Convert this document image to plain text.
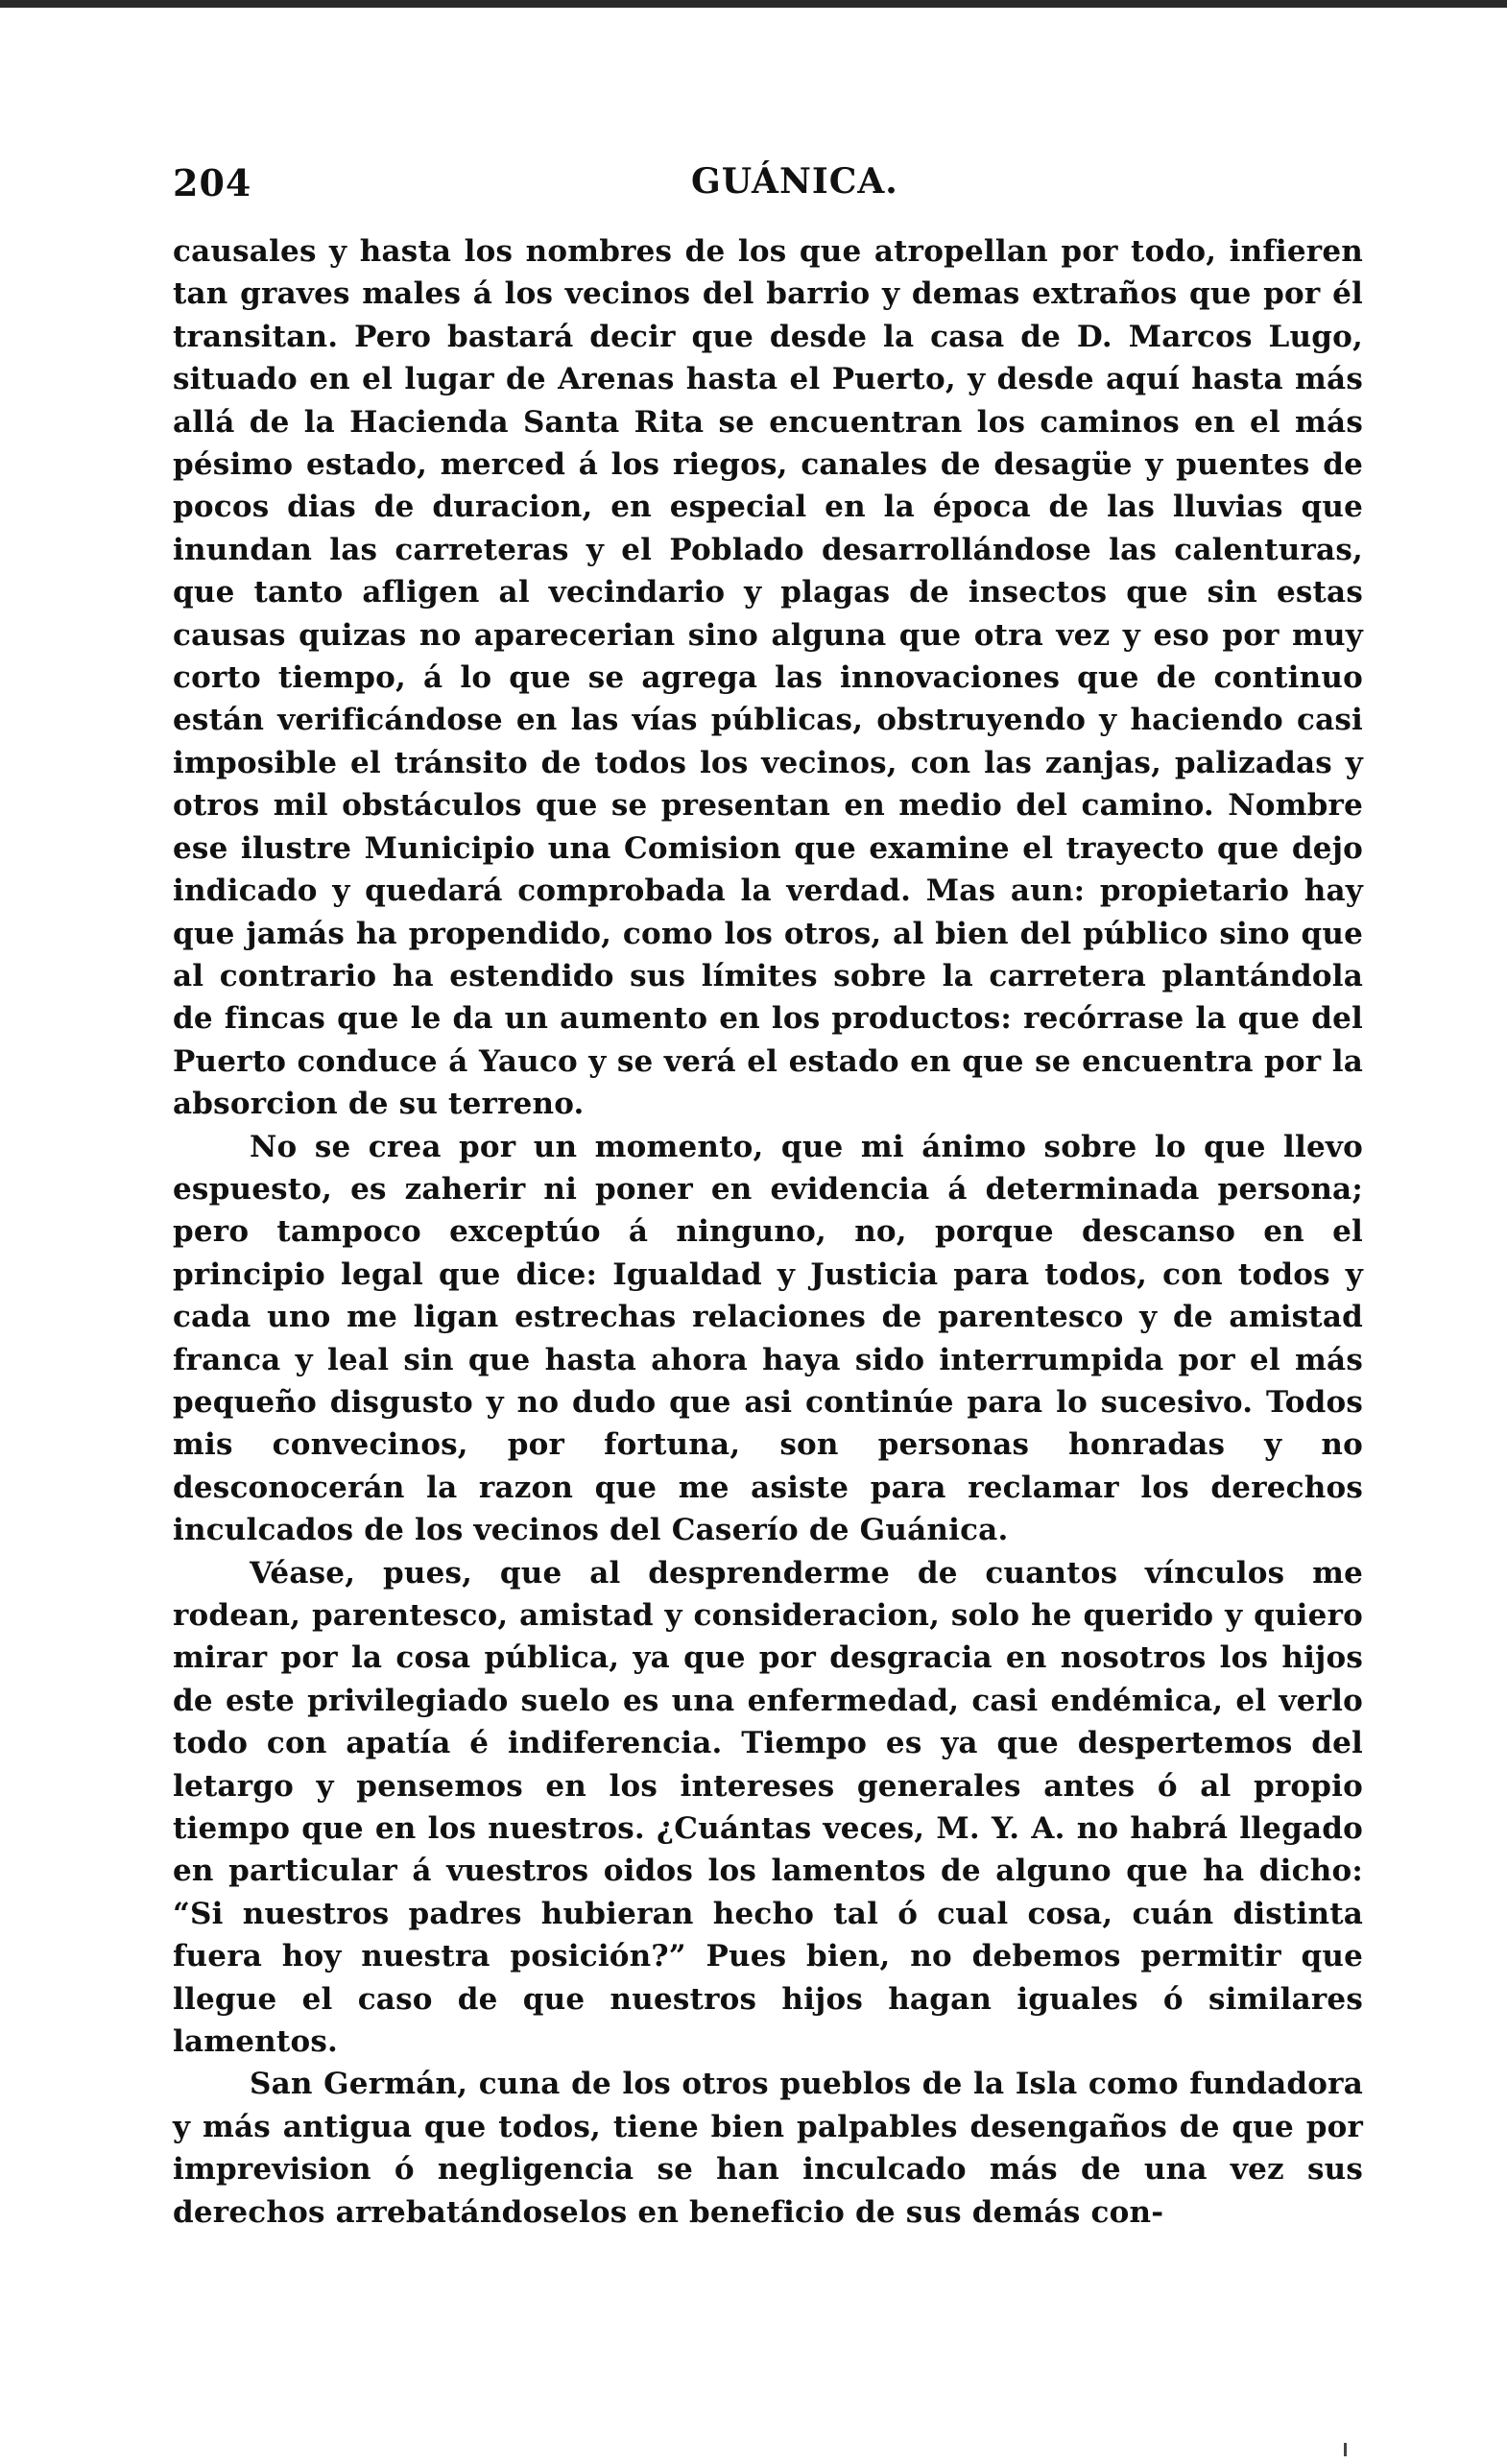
204	GUÁNICA.

causales y hasta los nombres de los que atropellan por todo, infieren tan graves males á los vecinos del barrio y demas extraños que por él transitan. Pero bastará decir que desde la casa de D. Marcos Lugo, situado en el lugar de Arenas hasta el Puerto, y desde aquí hasta más allá de la Hacienda Santa Rita se encuentran los caminos en el más pésimo estado, merced á los riegos, canales de desagüe y puentes de pocos dias de duracion, en especial en la época de las lluvias que inundan las carreteras y el Poblado desarrollándose las calenturas, que tanto afligen al vecindario y plagas de insectos que sin estas causas quizas no aparecerian sino alguna que otra vez y eso por muy corto tiempo, á lo que se agrega las innovaciones que de continuo están verificándose en las vías públicas, obstruyendo y haciendo casi imposible el tránsito de todos los vecinos, con las zanjas, palizadas y otros mil obstáculos que se presentan en medio del camino. Nombre ese ilustre Municipio una Comision que examine el trayecto que dejo indicado y quedará comprobada la verdad. Mas aun: propietario hay que jamás ha propendido, como los otros, al bien del público sino que al contrario ha estendido sus límites sobre la carretera plantándola de fincas que le da un aumento en los productos: recórrase la que del Puerto conduce á Yauco y se verá el estado en que se encuentra por la absorcion de su terreno.

No se crea por un momento, que mi ánimo sobre lo que llevo espuesto, es zaherir ni poner en evidencia á determinada persona; pero tampoco exceptúo á ninguno, no, porque descanso en el principio legal que dice: Igualdad y Justicia para todos, con todos y cada uno me ligan estrechas relaciones de parentesco y de amistad franca y leal sin que hasta ahora haya sido interrumpida por el más pequeño disgusto y no dudo que asi continúe para lo sucesivo. Todos mis convecinos, por fortuna, son personas honradas y no desconocerán la razon que me asiste para reclamar los derechos inculcados de los vecinos del Caserío de Guánica.

Véase, pues, que al desprenderme de cuantos vínculos me rodean, parentesco, amistad y consideracion, solo he querido y quiero mirar por la cosa pública, ya que por desgracia en nosotros los hijos de este privilegiado suelo es una enfermedad, casi endémica, el verlo todo con apatía é indiferencia. Tiempo es ya que despertemos del letargo y pensemos en los intereses generales antes ó al propio tiempo que en los nuestros. ¿Cuántas veces, M. Y. A. no habrá llegado en particular á vuestros oidos los lamentos de alguno que ha dicho: “Si nuestros padres hubieran hecho tal ó cual cosa, cuán distinta fuera hoy nuestra posición?” Pues bien, no debemos permitir que llegue el caso de que nuestros hijos hagan iguales ó similares lamentos.

San Germán, cuna de los otros pueblos de la Isla como fundadora y más antigua que todos, tiene bien palpables desengaños de que por imprevision ó negligencia se han inculcado más de una vez sus derechos arrebatándoselos en beneficio de sus demás con-
